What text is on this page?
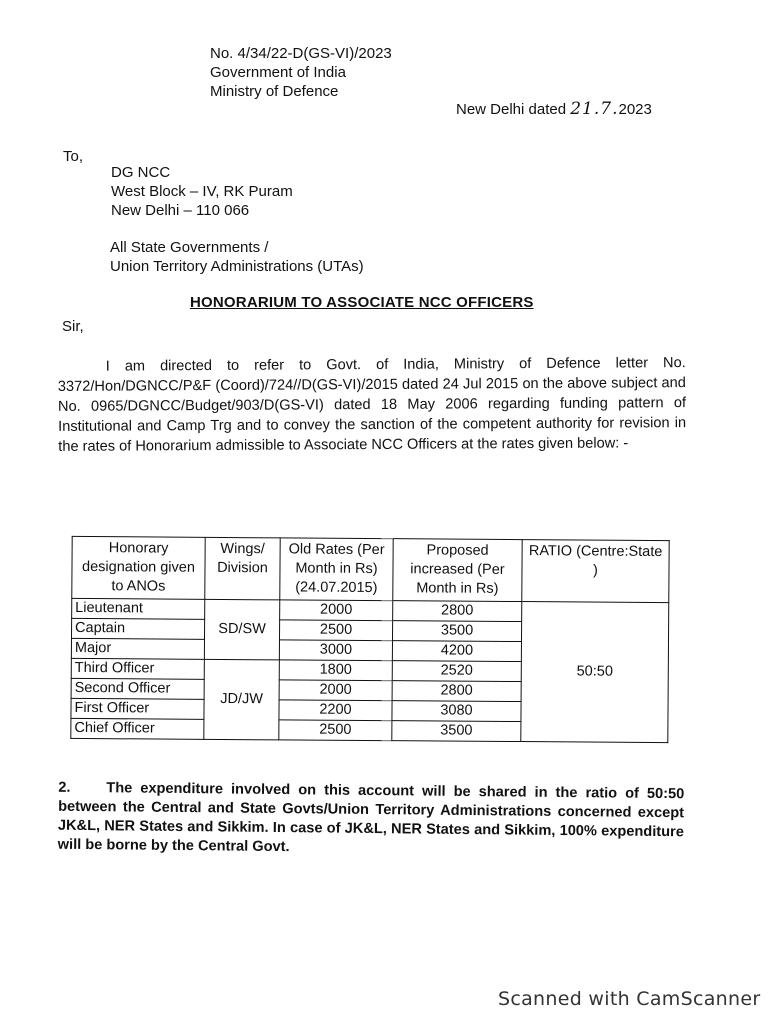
No. 4/34/22-D(GS-VI)/2023
Government of India
Ministry of Defence
New Delhi dated 21.7.2023
To,
DG NCC
West Block – IV, RK Puram
New Delhi – 110 066
All State Governments /
Union Territory Administrations (UTAs)
HONORARIUM TO ASSOCIATE NCC OFFICERS
Sir,
I am directed to refer to Govt. of India, Ministry of Defence letter No. 3372/Hon/DGNCC/P&F (Coord)/724//D(GS-VI)/2015 dated 24 Jul 2015 on the above subject and No. 0965/DGNCC/Budget/903/D(GS-VI) dated 18 May 2006 regarding funding pattern of Institutional and Camp Trg and to convey the sanction of the competent authority for revision in the rates of Honorarium admissible to Associate NCC Officers at the rates given below: -
Honorary designation given to ANOs	Wings/ Division	Old Rates (Per Month in Rs) (24.07.2015)	Proposed increased (Per Month in Rs)	RATIO (Centre:State )
Lieutenant	SD/SW	2000	2800	50:50
Captain		2500	3500	
Major		3000	4200	
Third Officer	JD/JW	1800	2520	
Second Officer		2000	2800	
First Officer		2200	3080	
Chief Officer		2500	3500	
2. The expenditure involved on this account will be shared in the ratio of 50:50 between the Central and State Govts/Union Territory Administrations concerned except JK&L, NER States and Sikkim. In case of JK&L, NER States and Sikkim, 100% expenditure will be borne by the Central Govt.
Scanned with CamScanner
